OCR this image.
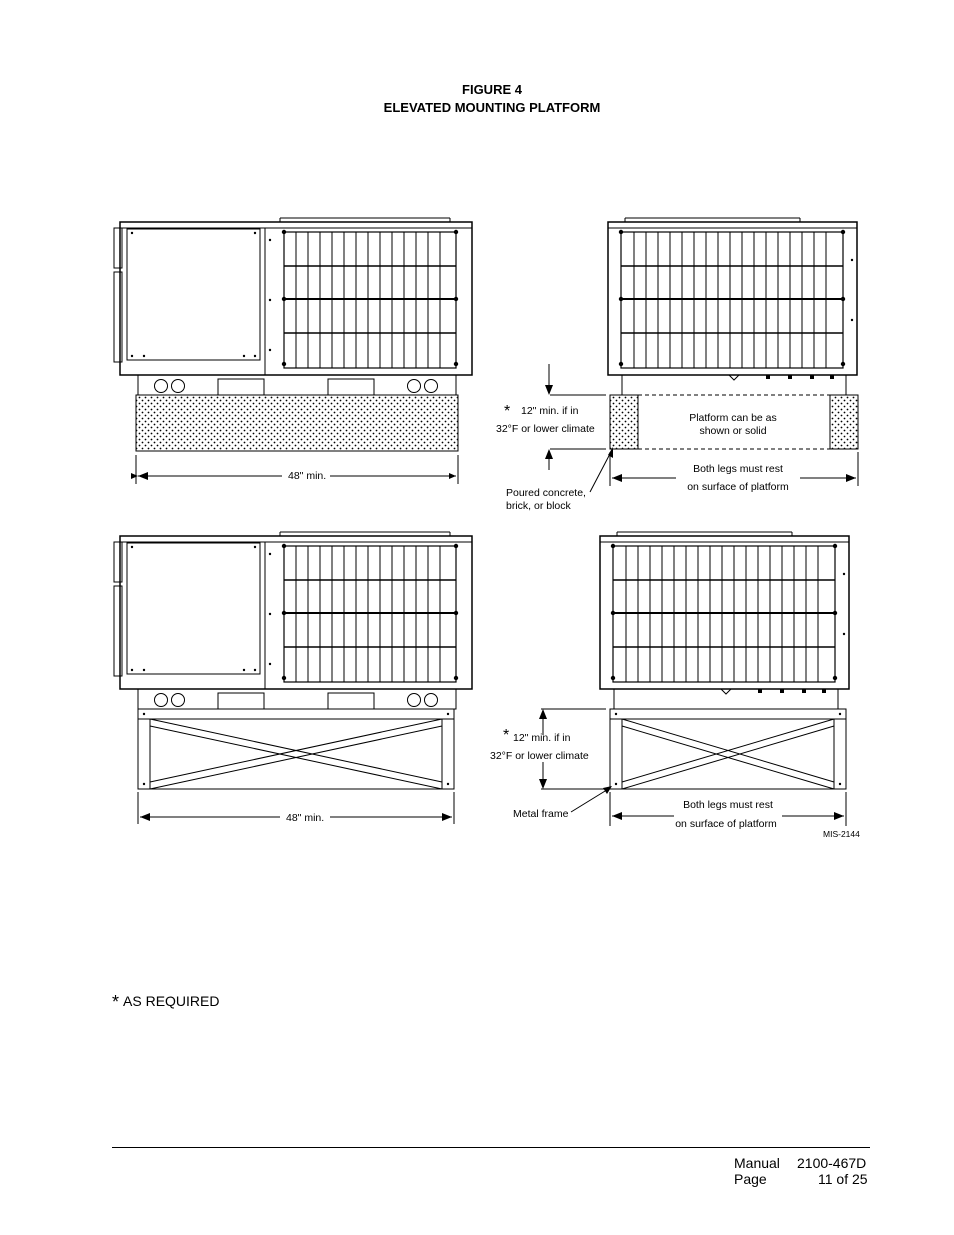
FIGURE 4
ELEVATED MOUNTING PLATFORM
48" min.
48" min.
* 12" min. if in
32°F or lower climate
Platform can be as
shown or solid
Both legs must rest
on surface of platform
Poured concrete,
brick, or block
* 12" min. if in
32°F or lower climate
Metal frame
Both legs must rest
on surface of platform
MIS-2144
* AS REQUIRED
Manual 2100-467D
Page	11 of 25
